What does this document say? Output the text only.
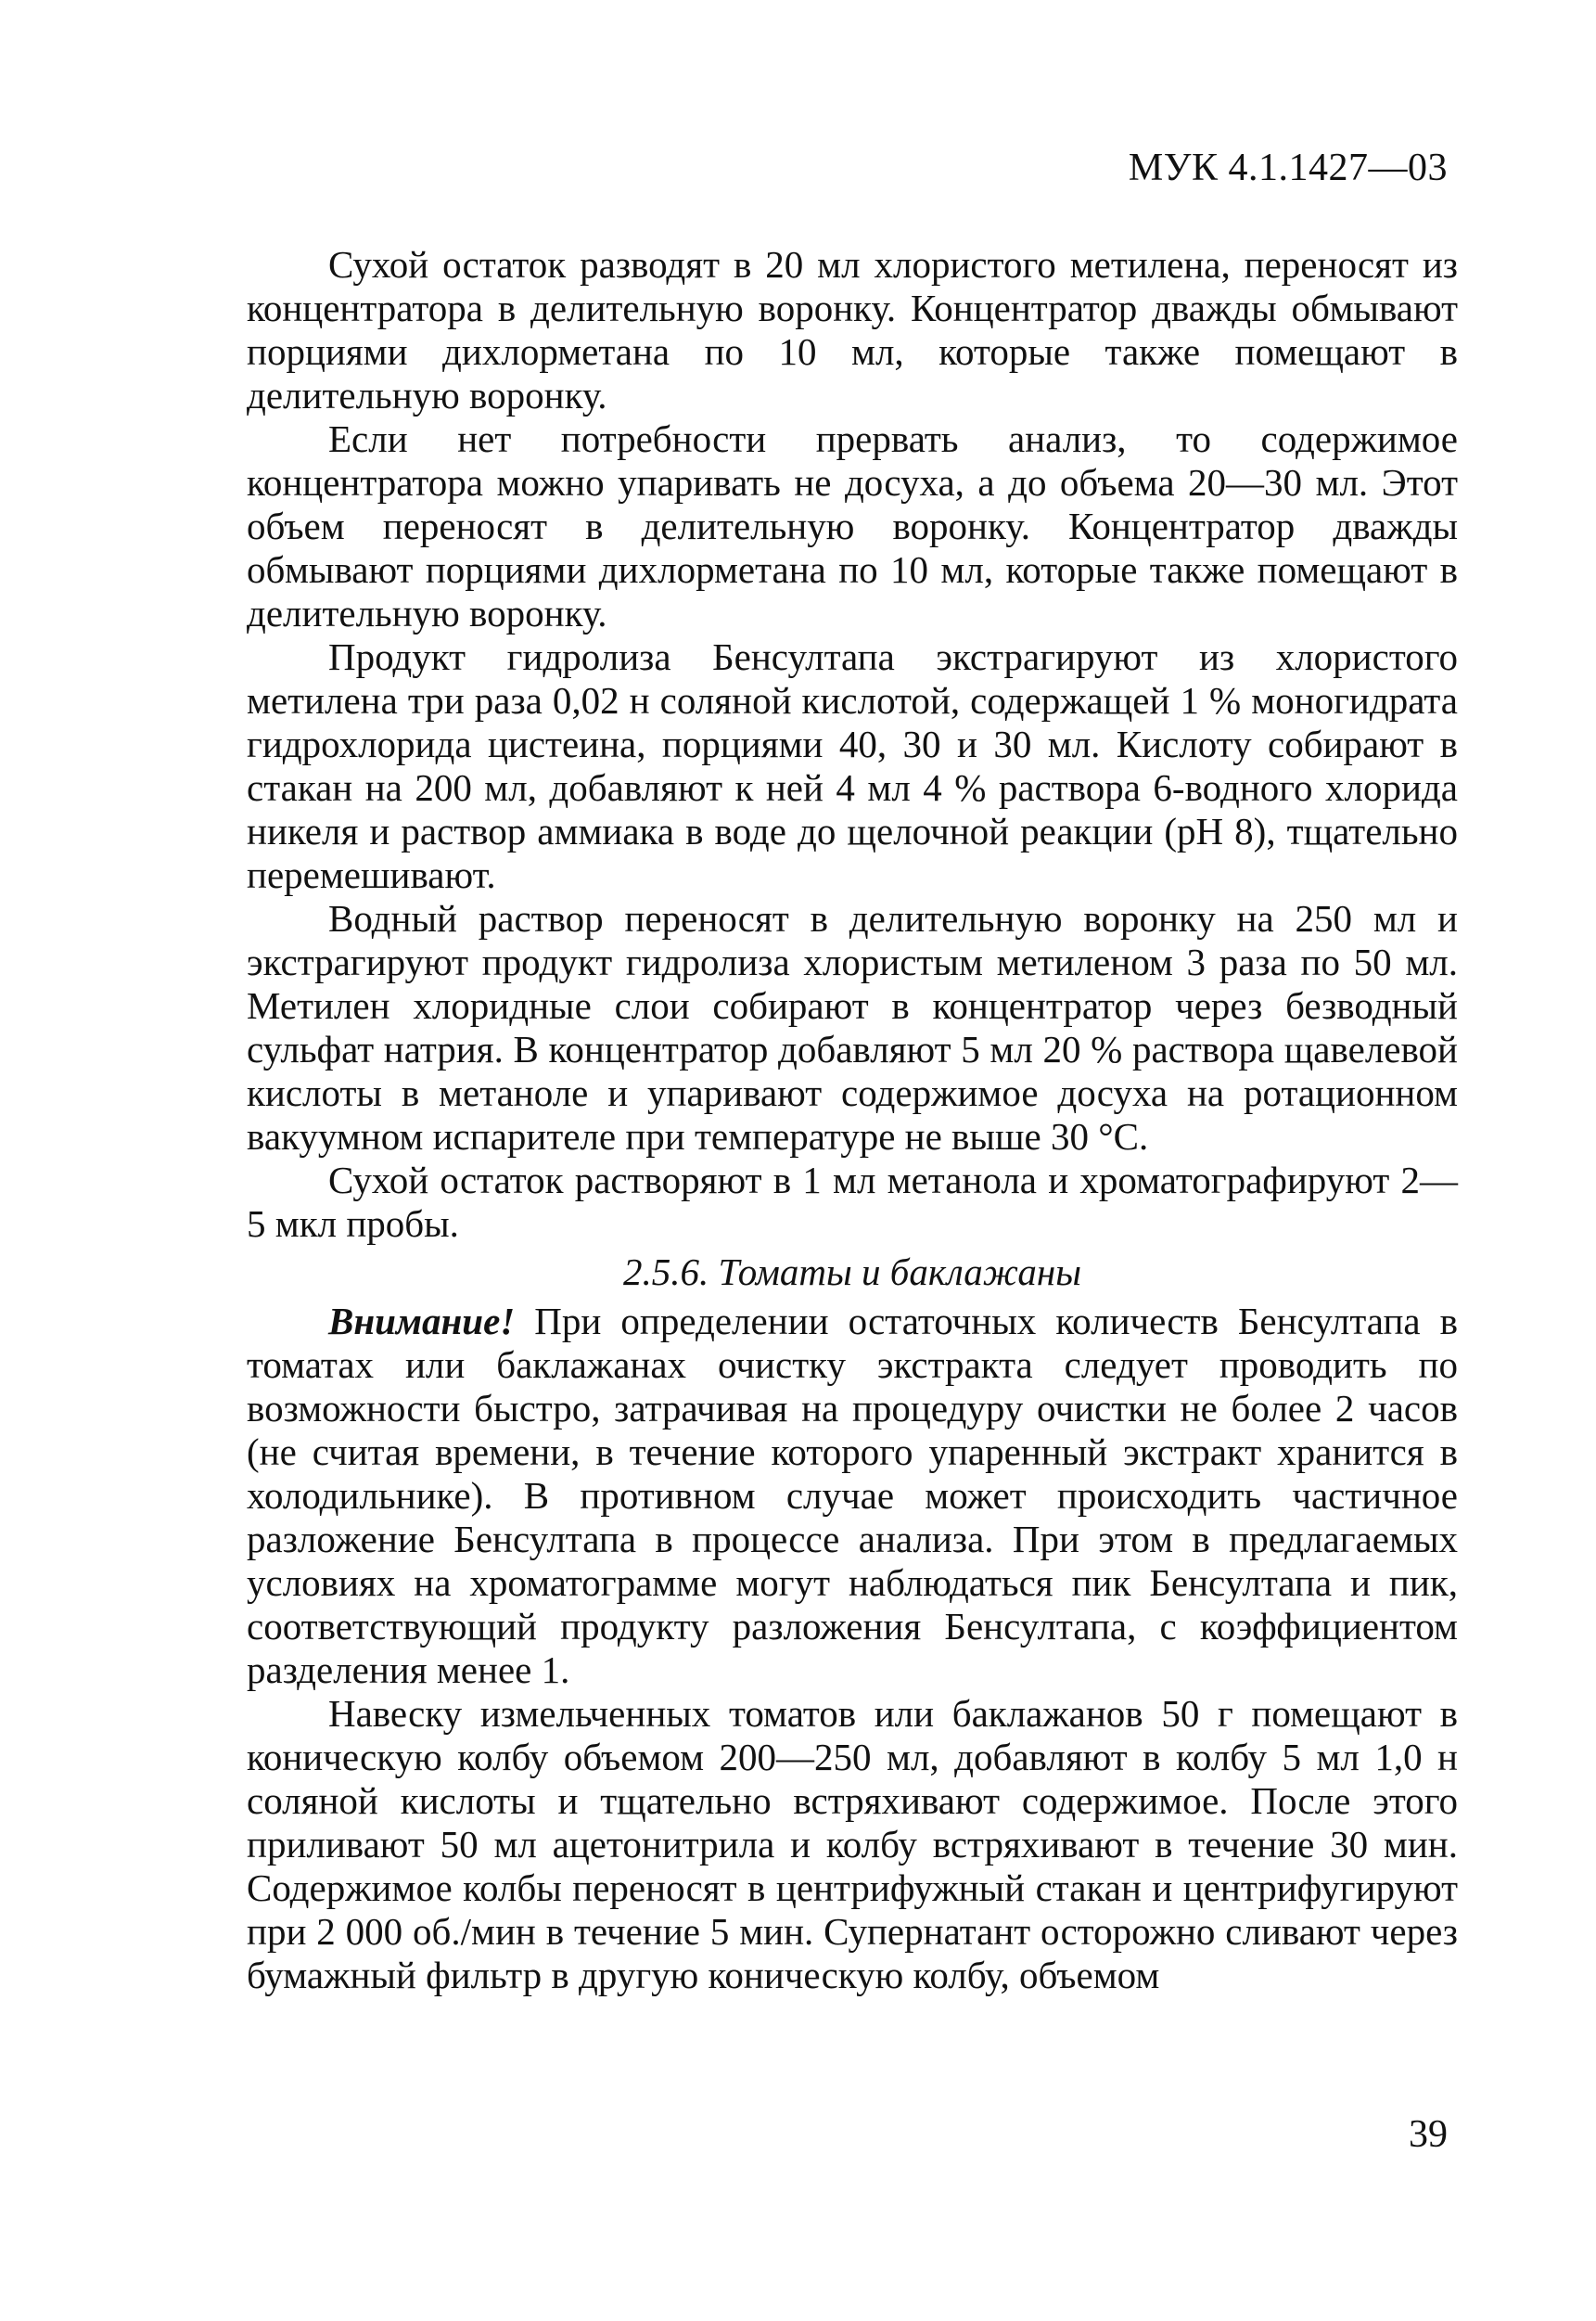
МУК 4.1.1427—03

Сухой остаток разводят в 20 мл хлористого метилена, переносят из концентратора в делительную воронку. Концентратор дважды обмывают порциями дихлорметана по 10 мл, которые также помещают в делительную воронку.

Если нет потребности прервать анализ, то содержимое концентратора можно упаривать не досуха, а до объема 20—30 мл. Этот объем переносят в делительную воронку. Концентратор дважды обмывают порциями дихлорметана по 10 мл, которые также помещают в делительную воронку.

Продукт гидролиза Бенсултапа экстрагируют из хлористого метилена три раза 0,02 н соляной кислотой, содержащей 1 % моногидрата гидрохлорида цистеина, порциями 40, 30 и 30 мл. Кислоту собирают в стакан на 200 мл, добавляют к ней 4 мл 4 % раствора 6-водного хлорида никеля и раствор аммиака в воде до щелочной реакции (pH 8), тщательно перемешивают.

Водный раствор переносят в делительную воронку на 250 мл и экстрагируют продукт гидролиза хлористым метиленом 3 раза по 50 мл. Метилен хлоридные слои собирают в концентратор через безводный сульфат натрия. В концентратор добавляют 5 мл 20 % раствора щавелевой кислоты в метаноле и упаривают содержимое досуха на ротационном вакуумном испарителе при температуре не выше 30 °C.

Сухой остаток растворяют в 1 мл метанола и хроматографируют 2—5 мкл пробы.

2.5.6. Томаты и баклажаны

Внимание! При определении остаточных количеств Бенсултапа в томатах или баклажанах очистку экстракта следует проводить по возможности быстро, затрачивая на процедуру очистки не более 2 часов (не считая времени, в течение которого упаренный экстракт хранится в холодильнике). В противном случае может происходить частичное разложение Бенсултапа в процессе анализа. При этом в предлагаемых условиях на хроматограмме могут наблюдаться пик Бенсултапа и пик, соответствующий продукту разложения Бенсултапа, с коэффициентом разделения менее 1.

Навеску измельченных томатов или баклажанов 50 г помещают в коническую колбу объемом 200—250 мл, добавляют в колбу 5 мл 1,0 н соляной кислоты и тщательно встряхивают содержимое. После этого приливают 50 мл ацетонитрила и колбу встряхивают в течение 30 мин. Содержимое колбы переносят в центрифужный стакан и центрифугируют при 2 000 об./мин в течение 5 мин. Супернатант осторожно сливают через бумажный фильтр в другую коническую колбу, объемом

39
